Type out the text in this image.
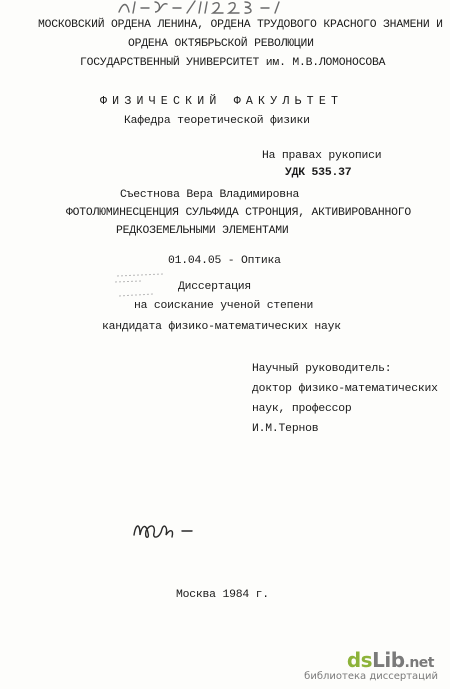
МОСКОВСКИЙ ОРДЕНА ЛЕНИНА, ОРДЕНА ТРУДОВОГО КРАСНОГО ЗНАМЕНИ И
ОРДЕНА ОКТЯБРЬСКОЙ РЕВОЛЮЦИИ
ГОСУДАРСТВЕННЫЙ УНИВЕРСИТЕТ им. М.В.ЛОМОНОСОВА
ФИЗИЧЕСКИЙ ФАКУЛЬТЕТ
Кафедра теоретической физики
На правах рукописи
УДК 535.37
Съестнова Вера Владимировна
ФОТОЛЮМИНЕСЦЕНЦИЯ СУЛЬФИДА СТРОНЦИЯ, АКТИВИРОВАННОГО
РЕДКОЗЕМЕЛЬНЫМИ ЭЛЕМЕНТАМИ
01.04.05 - Оптика
Диссертация
на соискание ученой степени
кандидата физико-математических наук
Научный руководитель:
доктор физико-математических
наук, профессор
И.М.Тернов
Москва 1984 г.
dsLib.net
библиотека диссертаций
